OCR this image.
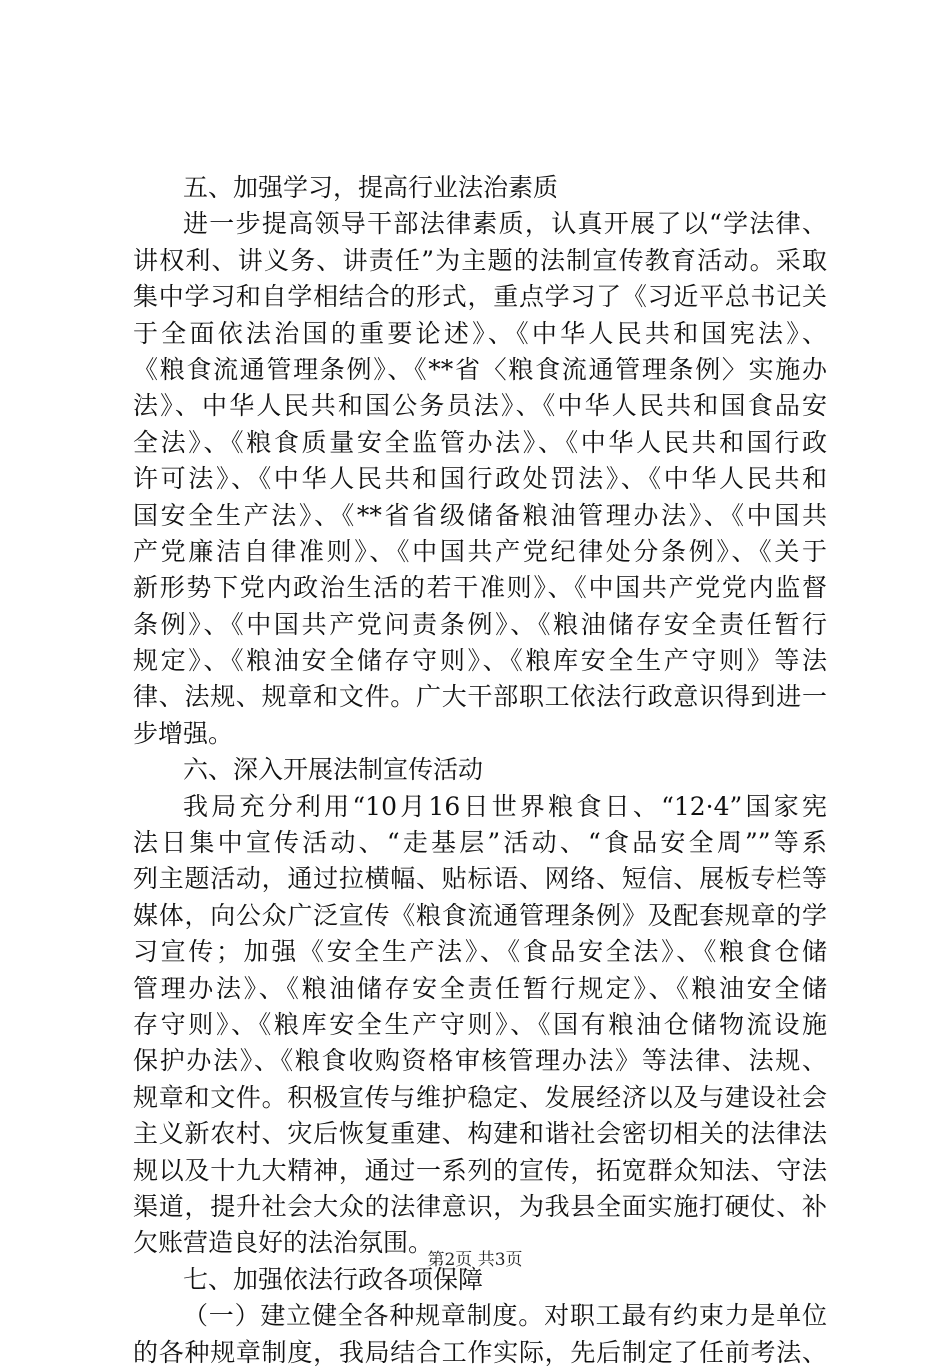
五、加强学习，提高行业法治素质
进一步提高领导干部法律素质，认真开展了以“学法律、
讲权利、讲义务、讲责任”为主题的法制宣传教育活动。采取
集中学习和自学相结合的形式，重点学习了《习近平总书记关
于全面依法治国的重要论述》、《中华人民共和国宪法》、
《粮食流通管理条例》、《**省〈粮食流通管理条例〉实施办
法》、中华人民共和国公务员法》、《中华人民共和国食品安
全法》、《粮食质量安全监管办法》、《中华人民共和国行政
许可法》、《中华人民共和国行政处罚法》、《中华人民共和
国安全生产法》、《**省省级储备粮油管理办法》、《中国共
产党廉洁自律准则》、《中国共产党纪律处分条例》、《关于
新形势下党内政治生活的若干准则》、《中国共产党党内监督
条例》、《中国共产党问责条例》、《粮油储存安全责任暂行
规定》、《粮油安全储存守则》、《粮库安全生产守则》等法
律、法规、规章和文件。广大干部职工依法行政意识得到进一
步增强。
六、深入开展法制宣传活动
我局充分利用“10月16日世界粮食日、“12·4”国家宪
法日集中宣传活动、“走基层”活动、“食品安全周””等系
列主题活动，通过拉横幅、贴标语、网络、短信、展板专栏等
媒体，向公众广泛宣传《粮食流通管理条例》及配套规章的学
习宣传；加强《安全生产法》、《食品安全法》、《粮食仓储
管理办法》、《粮油储存安全责任暂行规定》、《粮油安全储
存守则》、《粮库安全生产守则》、《国有粮油仓储物流设施
保护办法》、《粮食收购资格审核管理办法》等法律、法规、
规章和文件。积极宣传与维护稳定、发展经济以及与建设社会
主义新农村、灾后恢复重建、构建和谐社会密切相关的法律法
规以及十九大精神，通过一系列的宣传，拓宽群众知法、守法
渠道，提升社会大众的法律意识，为我县全面实施打硬仗、补
欠账营造良好的法治氛围。
七、加强依法行政各项保障
（一）建立健全各种规章制度。对职工最有约束力是单位
的各种规章制度，我局结合工作实际，先后制定了任前考法、
第2页 共3页
